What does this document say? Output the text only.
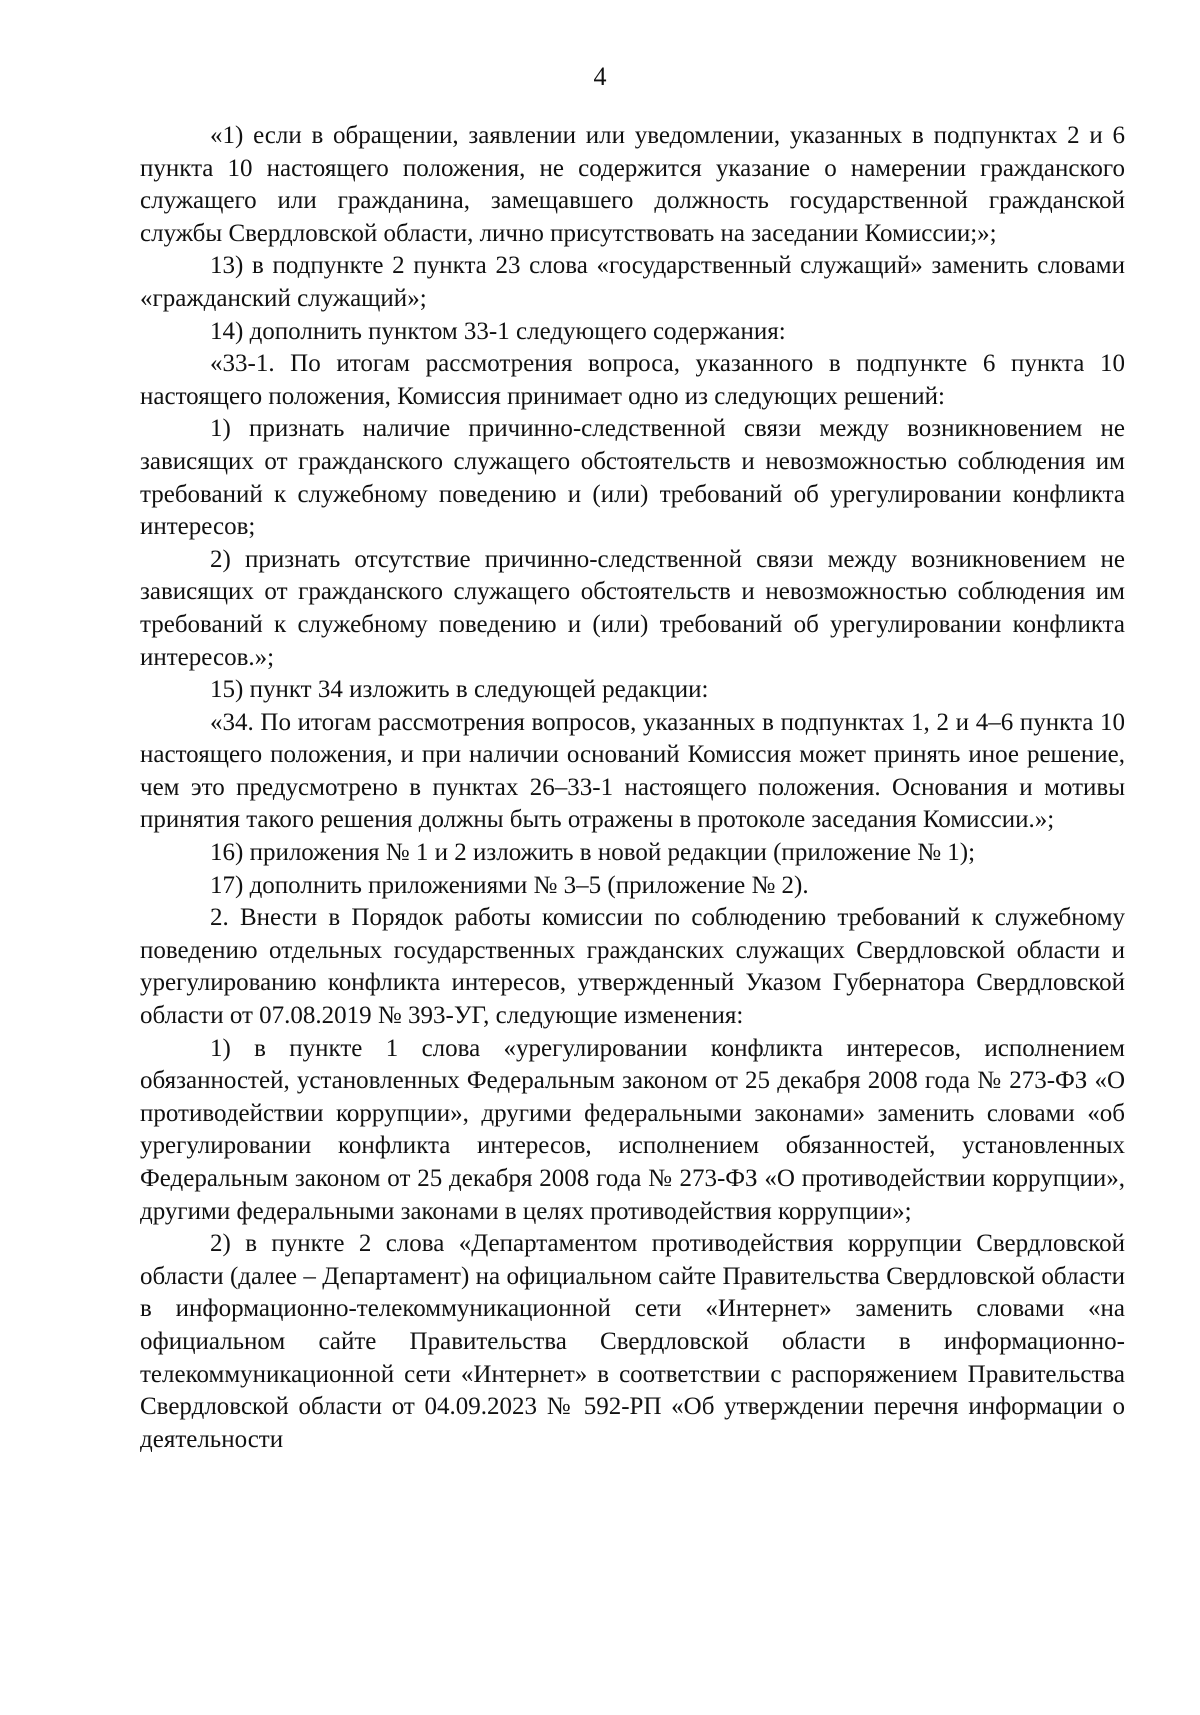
4

«1) если в обращении, заявлении или уведомлении, указанных в подпунктах 2 и 6 пункта 10 настоящего положения, не содержится указание о намерении гражданского служащего или гражданина, замещавшего должность государственной гражданской службы Свердловской области, лично присутствовать на заседании Комиссии;»;

13) в подпункте 2 пункта 23 слова «государственный служащий» заменить словами «гражданский служащий»;

14) дополнить пунктом 33-1 следующего содержания:

«33-1. По итогам рассмотрения вопроса, указанного в подпункте 6 пункта 10 настоящего положения, Комиссия принимает одно из следующих решений:

1) признать наличие причинно-следственной связи между возникновением не зависящих от гражданского служащего обстоятельств и невозможностью соблюдения им требований к служебному поведению и (или) требований об урегулировании конфликта интересов;

2) признать отсутствие причинно-следственной связи между возникновением не зависящих от гражданского служащего обстоятельств и невозможностью соблюдения им требований к служебному поведению и (или) требований об урегулировании конфликта интересов.»;

15) пункт 34 изложить в следующей редакции:

«34. По итогам рассмотрения вопросов, указанных в подпунктах 1, 2 и 4–6 пункта 10 настоящего положения, и при наличии оснований Комиссия может принять иное решение, чем это предусмотрено в пунктах 26–33-1 настоящего положения. Основания и мотивы принятия такого решения должны быть отражены в протоколе заседания Комиссии.»;

16) приложения № 1 и 2 изложить в новой редакции (приложение № 1);

17) дополнить приложениями № 3–5 (приложение № 2).

2. Внести в Порядок работы комиссии по соблюдению требований к служебному поведению отдельных государственных гражданских служащих Свердловской области и урегулированию конфликта интересов, утвержденный Указом Губернатора Свердловской области от 07.08.2019 № 393-УГ, следующие изменения:

1) в пункте 1 слова «урегулировании конфликта интересов, исполнением обязанностей, установленных Федеральным законом от 25 декабря 2008 года № 273-ФЗ «О противодействии коррупции», другими федеральными законами» заменить словами «об урегулировании конфликта интересов, исполнением обязанностей, установленных Федеральным законом от 25 декабря 2008 года № 273-ФЗ «О противодействии коррупции», другими федеральными законами в целях противодействия коррупции»;

2) в пункте 2 слова «Департаментом противодействия коррупции Свердловской области (далее – Департамент) на официальном сайте Правительства Свердловской области в информационно-телекоммуникационной сети «Интернет» заменить словами «на официальном сайте Правительства Свердловской области в информационно-телекоммуникационной сети «Интернет» в соответствии с распоряжением Правительства Свердловской области от 04.09.2023 № 592-РП «Об утверждении перечня информации о деятельности
